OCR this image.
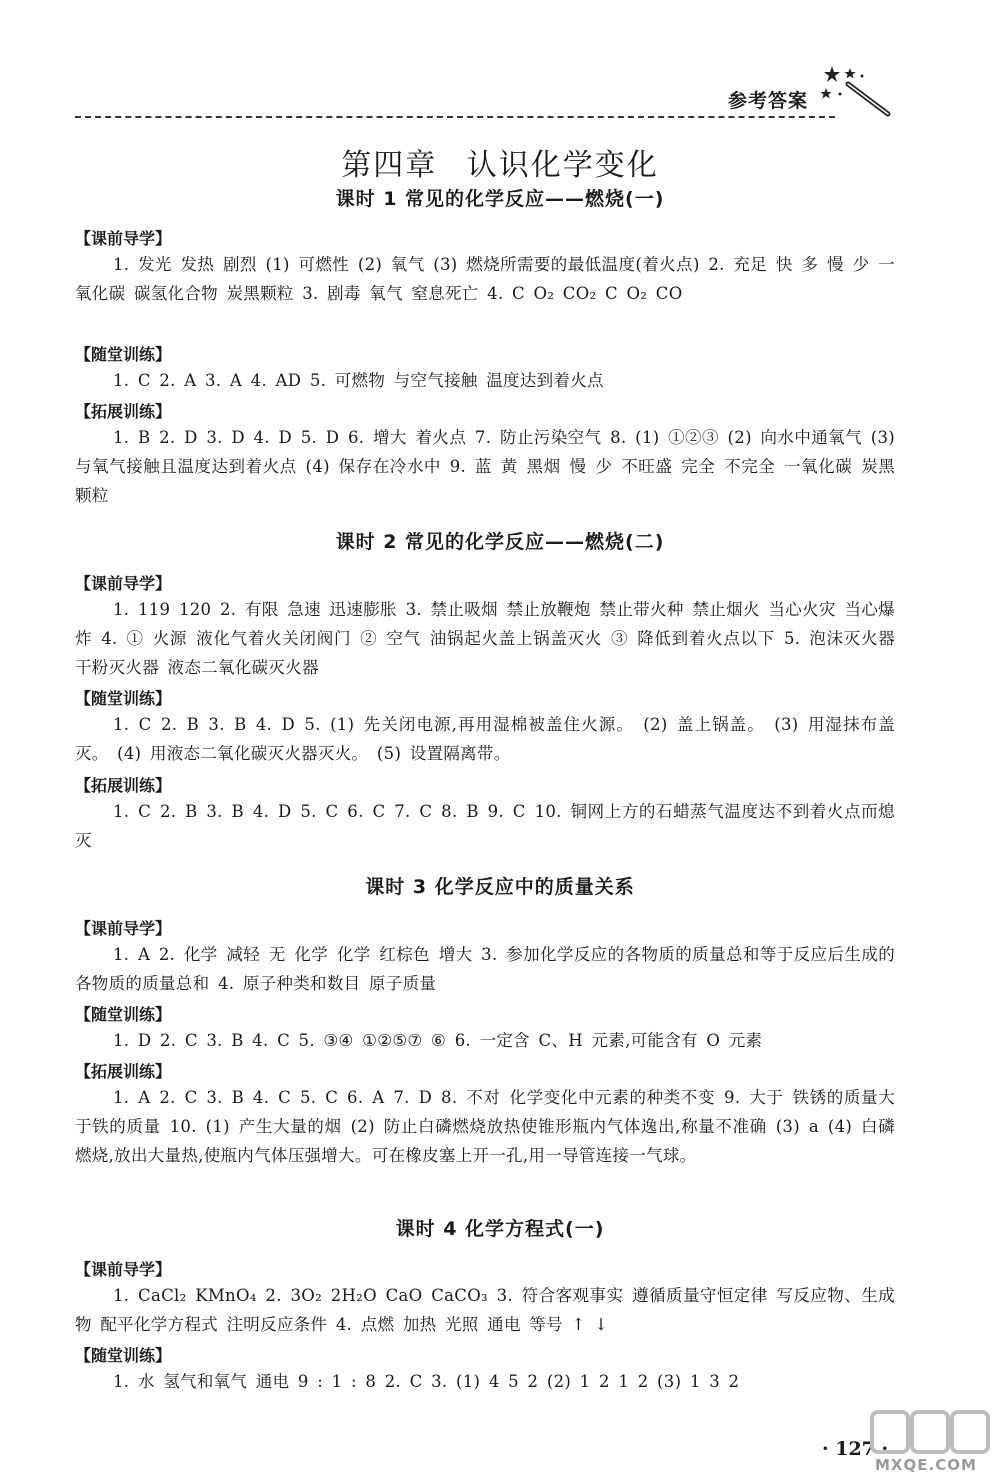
参考答案
第四章 认识化学变化
课时 1 常见的化学反应——燃烧(一)
【课前导学】
1. 发光 发热 剧烈 (1) 可燃性 (2) 氧气 (3) 燃烧所需要的最低温度(着火点) 2. 充足 快 多 慢 少 一氧化碳 碳氢化合物 炭黑颗粒 3. 剧毒 氧气 窒息死亡 4. C O₂ CO₂ C O₂ CO
【随堂训练】
1. C 2. A 3. A 4. AD 5. 可燃物 与空气接触 温度达到着火点
【拓展训练】
1. B 2. D 3. D 4. D 5. D 6. 增大 着火点 7. 防止污染空气 8. (1) ①②③ (2) 向水中通氧气 (3) 与氧气接触且温度达到着火点 (4) 保存在冷水中 9. 蓝 黄 黑烟 慢 少 不旺盛 完全 不完全 一氧化碳 炭黑颗粒
课时 2 常见的化学反应——燃烧(二)
【课前导学】
1. 119 120 2. 有限 急速 迅速膨胀 3. 禁止吸烟 禁止放鞭炮 禁止带火种 禁止烟火 当心火灾 当心爆炸 4. ① 火源 液化气着火关闭阀门 ② 空气 油锅起火盖上锅盖灭火 ③ 降低到着火点以下 5. 泡沫灭火器 干粉灭火器 液态二氧化碳灭火器
【随堂训练】
1. C 2. B 3. B 4. D 5. (1) 先关闭电源,再用湿棉被盖住火源。 (2) 盖上锅盖。 (3) 用湿抹布盖灭。 (4) 用液态二氧化碳灭火器灭火。 (5) 设置隔离带。
【拓展训练】
1. C 2. B 3. B 4. D 5. C 6. C 7. C 8. B 9. C 10. 铜网上方的石蜡蒸气温度达不到着火点而熄灭
课时 3 化学反应中的质量关系
【课前导学】
1. A 2. 化学 减轻 无 化学 化学 红棕色 增大 3. 参加化学反应的各物质的质量总和等于反应后生成的各物质的质量总和 4. 原子种类和数目 原子质量
【随堂训练】
1. D 2. C 3. B 4. C 5. ③④ ①②⑤⑦ ⑥ 6. 一定含 C、H 元素,可能含有 O 元素
【拓展训练】
1. A 2. C 3. B 4. C 5. C 6. A 7. D 8. 不对 化学变化中元素的种类不变 9. 大于 铁锈的质量大于铁的质量 10. (1) 产生大量的烟 (2) 防止白磷燃烧放热使锥形瓶内气体逸出,称量不准确 (3) a (4) 白磷燃烧,放出大量热,使瓶内气体压强增大。可在橡皮塞上开一孔,用一导管连接一气球。
课时 4 化学方程式(一)
【课前导学】
1. CaCl₂ KMnO₄ 2. 3O₂ 2H₂O CaO CaCO₃ 3. 符合客观事实 遵循质量守恒定律 写反应物、生成物 配平化学方程式 注明反应条件 4. 点燃 加热 光照 通电 等号 ↑ ↓
【随堂训练】
1. 水 氢气和氧气 通电 9 : 1 : 8 2. C 3. (1) 4 5 2 (2) 1 2 1 2 (3) 1 3 2
· 127 ·
MXQE.COM
